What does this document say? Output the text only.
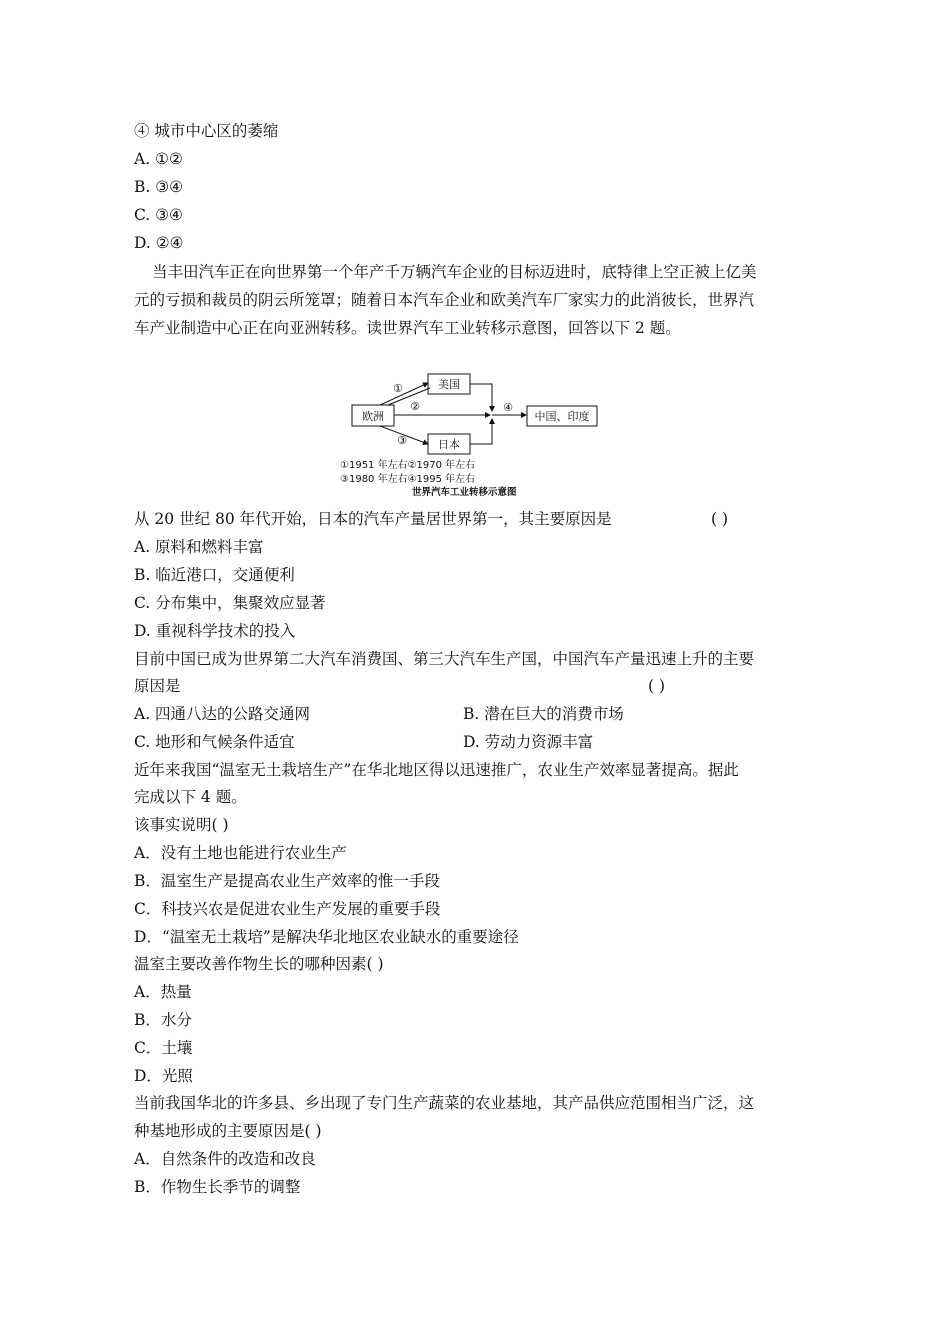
④ 城市中心区的萎缩
A. ①②
B. ③④
C. ③④
D. ②④
当丰田汽车正在向世界第一个年产千万辆汽车企业的目标迈进时，底特律上空正被上亿美
元的亏损和裁员的阴云所笼罩；随着日本汽车企业和欧美汽车厂家实力的此消彼长，世界汽
车产业制造中心正在向亚洲转移。读世界汽车工业转移示意图，回答以下 2 题。
欧洲
美国
日本
中国、印度
①
②
③
④
①1951 年左右②1970 年左右
③1980 年左右④1995 年左右
世界汽车工业转移示意图
从 20 世纪 80 年代开始，日本的汽车产量居世界第一，其主要原因是	( )
A. 原料和燃料丰富
B. 临近港口，交通便利
C. 分布集中，集聚效应显著
D. 重视科学技术的投入
目前中国已成为世界第二大汽车消费国、第三大汽车生产国，中国汽车产量迅速上升的主要
原因是	( )
A. 四通八达的公路交通网	B. 潜在巨大的消费市场
C. 地形和气候条件适宜	D. 劳动力资源丰富
近年来我国“温室无土栽培生产”在华北地区得以迅速推广，农业生产效率显著提高。据此
完成以下 4 题。
该事实说明( )
A．没有土地也能进行农业生产
B．温室生产是提高农业生产效率的惟一手段
C．科技兴农是促进农业生产发展的重要手段
D．“温室无土栽培”是解决华北地区农业缺水的重要途径
温室主要改善作物生长的哪种因素( )
A．热量
B．水分
C．土壤
D．光照
当前我国华北的许多县、乡出现了专门生产蔬菜的农业基地，其产品供应范围相当广泛，这
种基地形成的主要原因是( )
A．自然条件的改造和改良
B．作物生长季节的调整
